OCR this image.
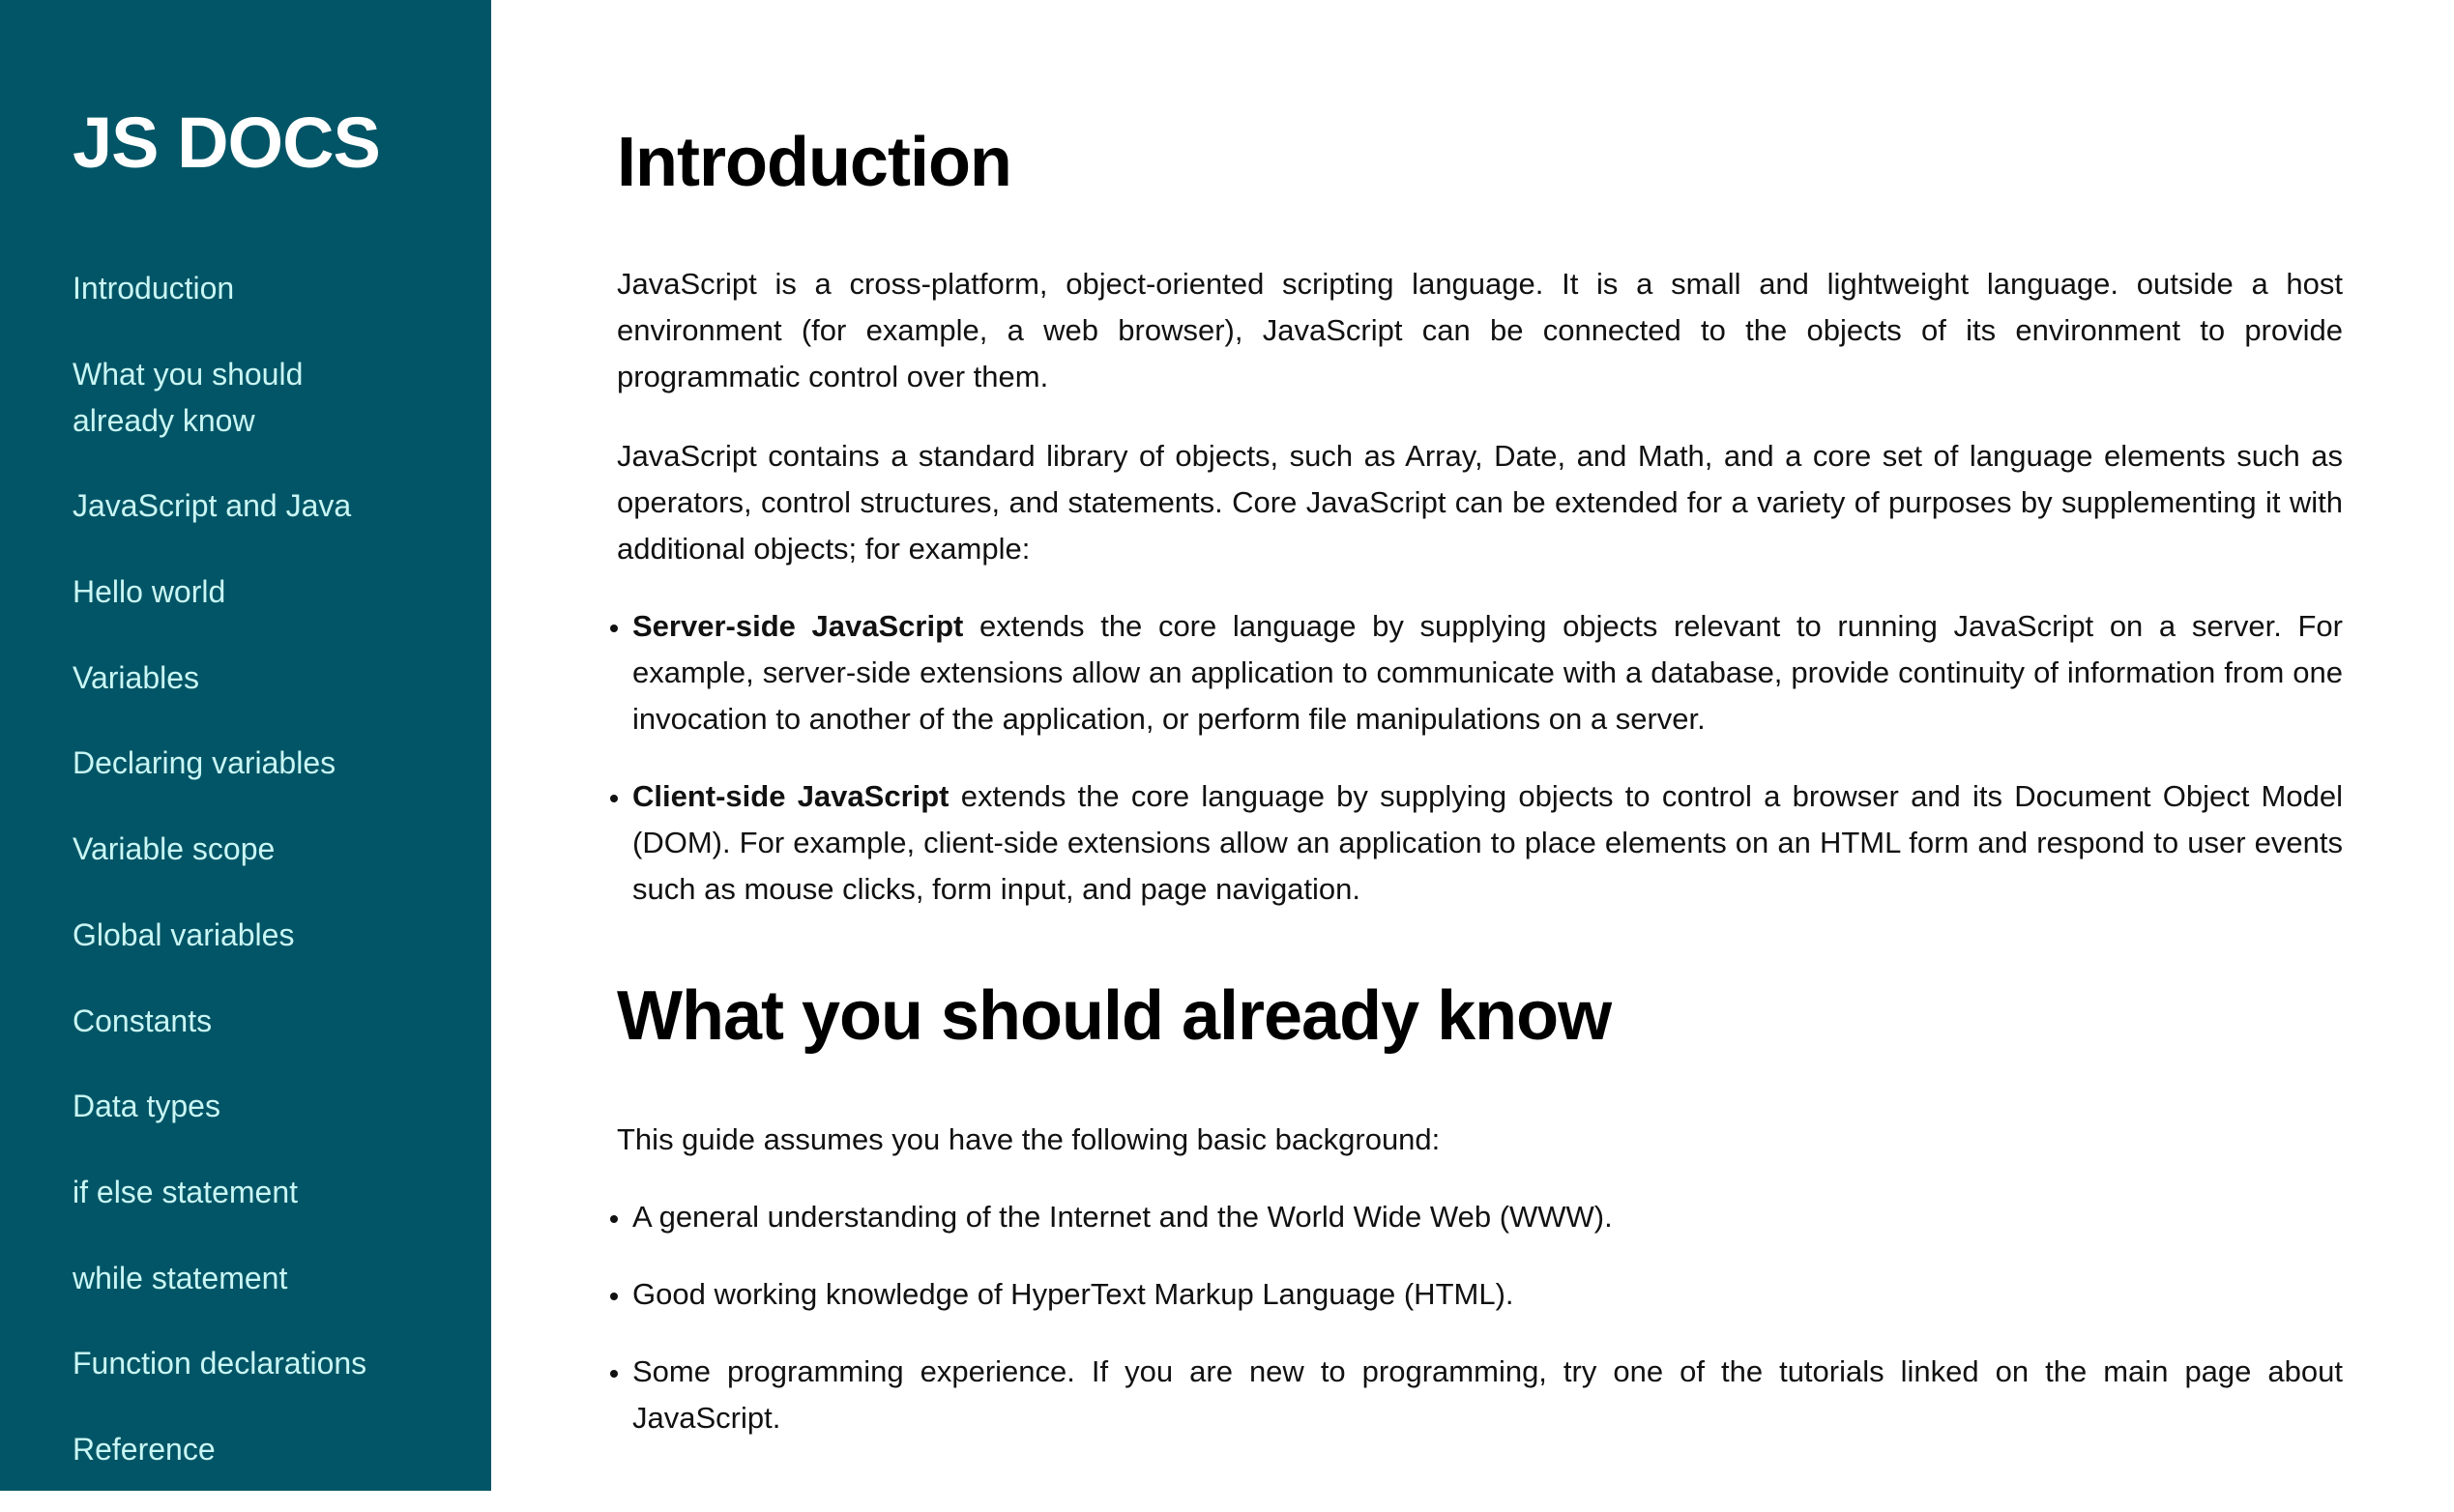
JS DOCS
Introduction
What you should already know
JavaScript and Java
Hello world
Variables
Declaring variables
Variable scope
Global variables
Constants
Data types
if else statement
while statement
Function declarations
Reference
Introduction

JavaScript is a cross-platform, object-oriented scripting language. It is a small and lightweight language. outside a host environment (for example, a web browser), JavaScript can be connected to the objects of its environment to provide programmatic control over them.

JavaScript contains a standard library of objects, such as Array, Date, and Math, and a core set of language elements such as operators, control structures, and statements. Core JavaScript can be extended for a variety of purposes by supplementing it with additional objects; for example:

• Server-side JavaScript extends the core language by supplying objects relevant to running JavaScript on a server. For example, server-side extensions allow an application to communicate with a database, provide continuity of information from one invocation to another of the application, or perform file manipulations on a server.
• Client-side JavaScript extends the core language by supplying objects to control a browser and its Document Object Model (DOM). For example, client-side extensions allow an application to place elements on an HTML form and respond to user events such as mouse clicks, form input, and page navigation.
What you should already know

This guide assumes you have the following basic background:

• A general understanding of the Internet and the World Wide Web (WWW).
• Good working knowledge of HyperText Markup Language (HTML).
• Some programming experience. If you are new to programming, try one of the tutorials linked on the main page about JavaScript.
